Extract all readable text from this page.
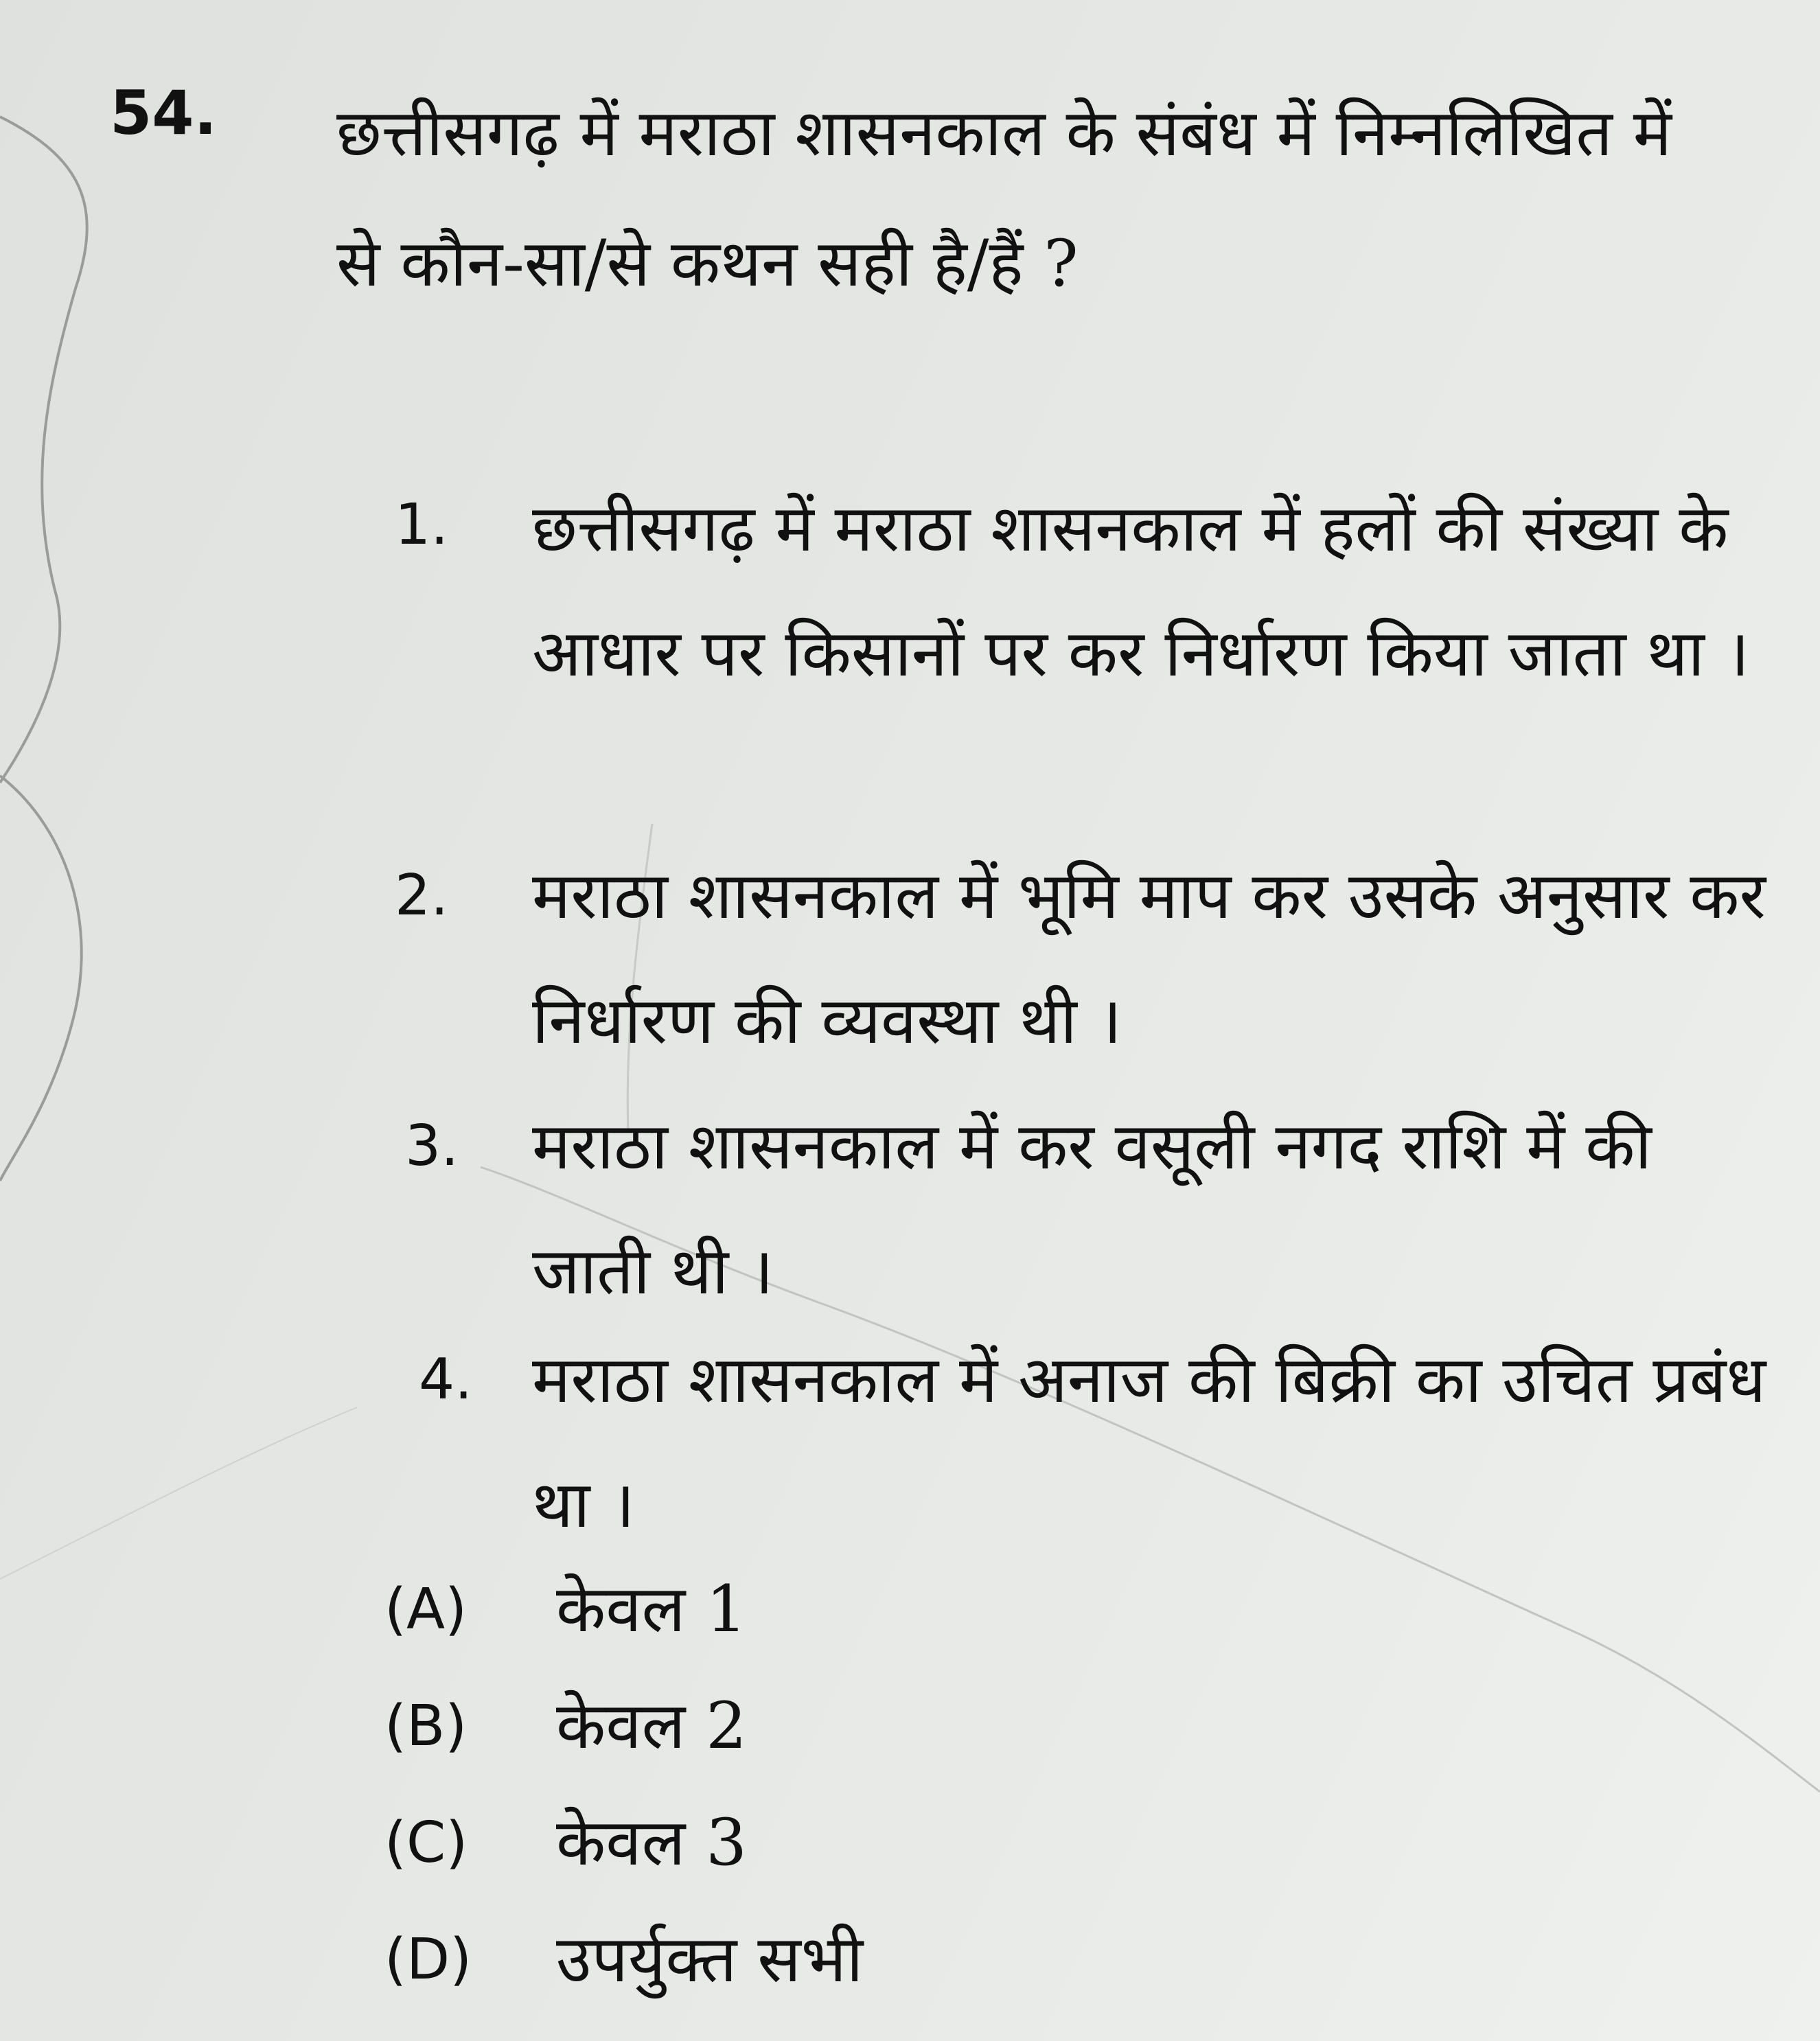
54. छत्तीसगढ़ में मराठा शासनकाल के संबंध में निम्नलिखित में से कौन-सा/से कथन सही है/हैं ?
1. छत्तीसगढ़ में मराठा शासनकाल में हलों की संख्या के आधार पर किसानों पर कर निर्धारण किया जाता था ।
2. मराठा शासनकाल में भूमि माप कर उसके अनुसार कर निर्धारण की व्यवस्था थी ।
3. मराठा शासनकाल में कर वसूली नगद राशि में की जाती थी ।
4. मराठा शासनकाल में अनाज की बिक्री का उचित प्रबंध था ।
(A) केवल 1
(B) केवल 2
(C) केवल 3
(D) उपर्युक्त सभी
